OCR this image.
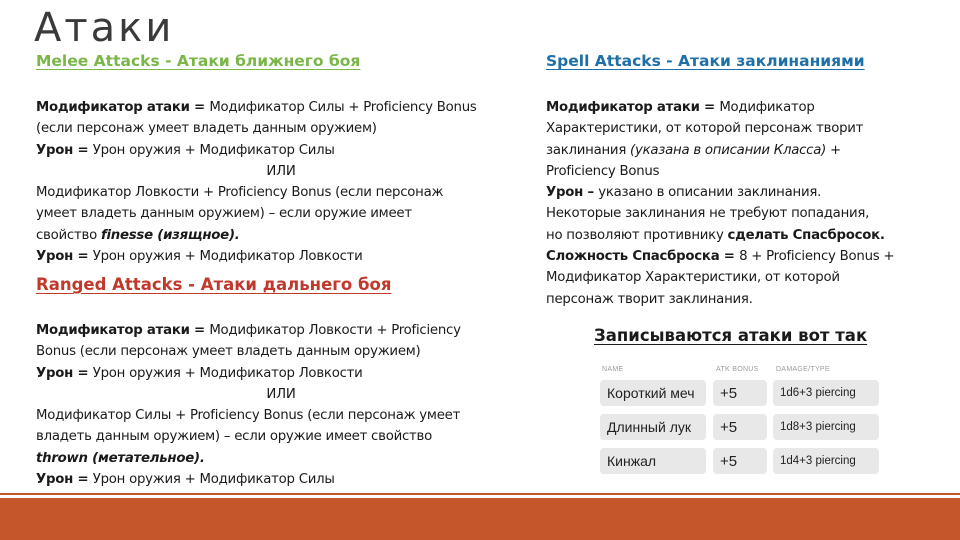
Атаки
Melee Attacks - Атаки ближнего боя

Модификатор атаки = Модификатор Силы + Proficiency Bonus

(если персонаж умеет владеть данным оружием)

Урон = Урон оружия + Модификатор Силы

ИЛИ

Модификатор Ловкости + Proficiency Bonus (если персонаж

умеет владеть данным оружием) – если оружие имеет

свойство finesse (изящное).

Урон = Урон оружия + Модификатор Ловкости

Ranged Attacks - Атаки дальнего боя

Модификатор атаки = Модификатор Ловкости + Proficiency

Bonus (если персонаж умеет владеть данным оружием)

Урон = Урон оружия + Модификатор Ловкости

ИЛИ

Модификатор Силы + Proficiency Bonus (если персонаж умеет

владеть данным оружием) – если оружие имеет свойство

thrown (метательное).

Урон = Урон оружия + Модификатор Силы

Spell Attacks - Атаки заклинаниями

Модификатор атаки = Модификатор

Характеристики, от которой персонаж творит

заклинания (указана в описании Класса) +

Proficiency Bonus

Урон – указано в описании заклинания.

Некоторые заклинания не требуют попадания,

но позволяют противнику сделать Спасбросок.

Сложность Спасброска = 8 + Proficiency Bonus +

Модификатор Характеристики, от которой

персонаж творит заклинания.

Записываются атаки вот так
NAME	ATK BONUS DAMAGE/TYPE
Короткий меч	+5	1d6+3 piercing
Длинный лук	+5	1d8+3 piercing
Кинжал	+5	1d4+3 piercing
